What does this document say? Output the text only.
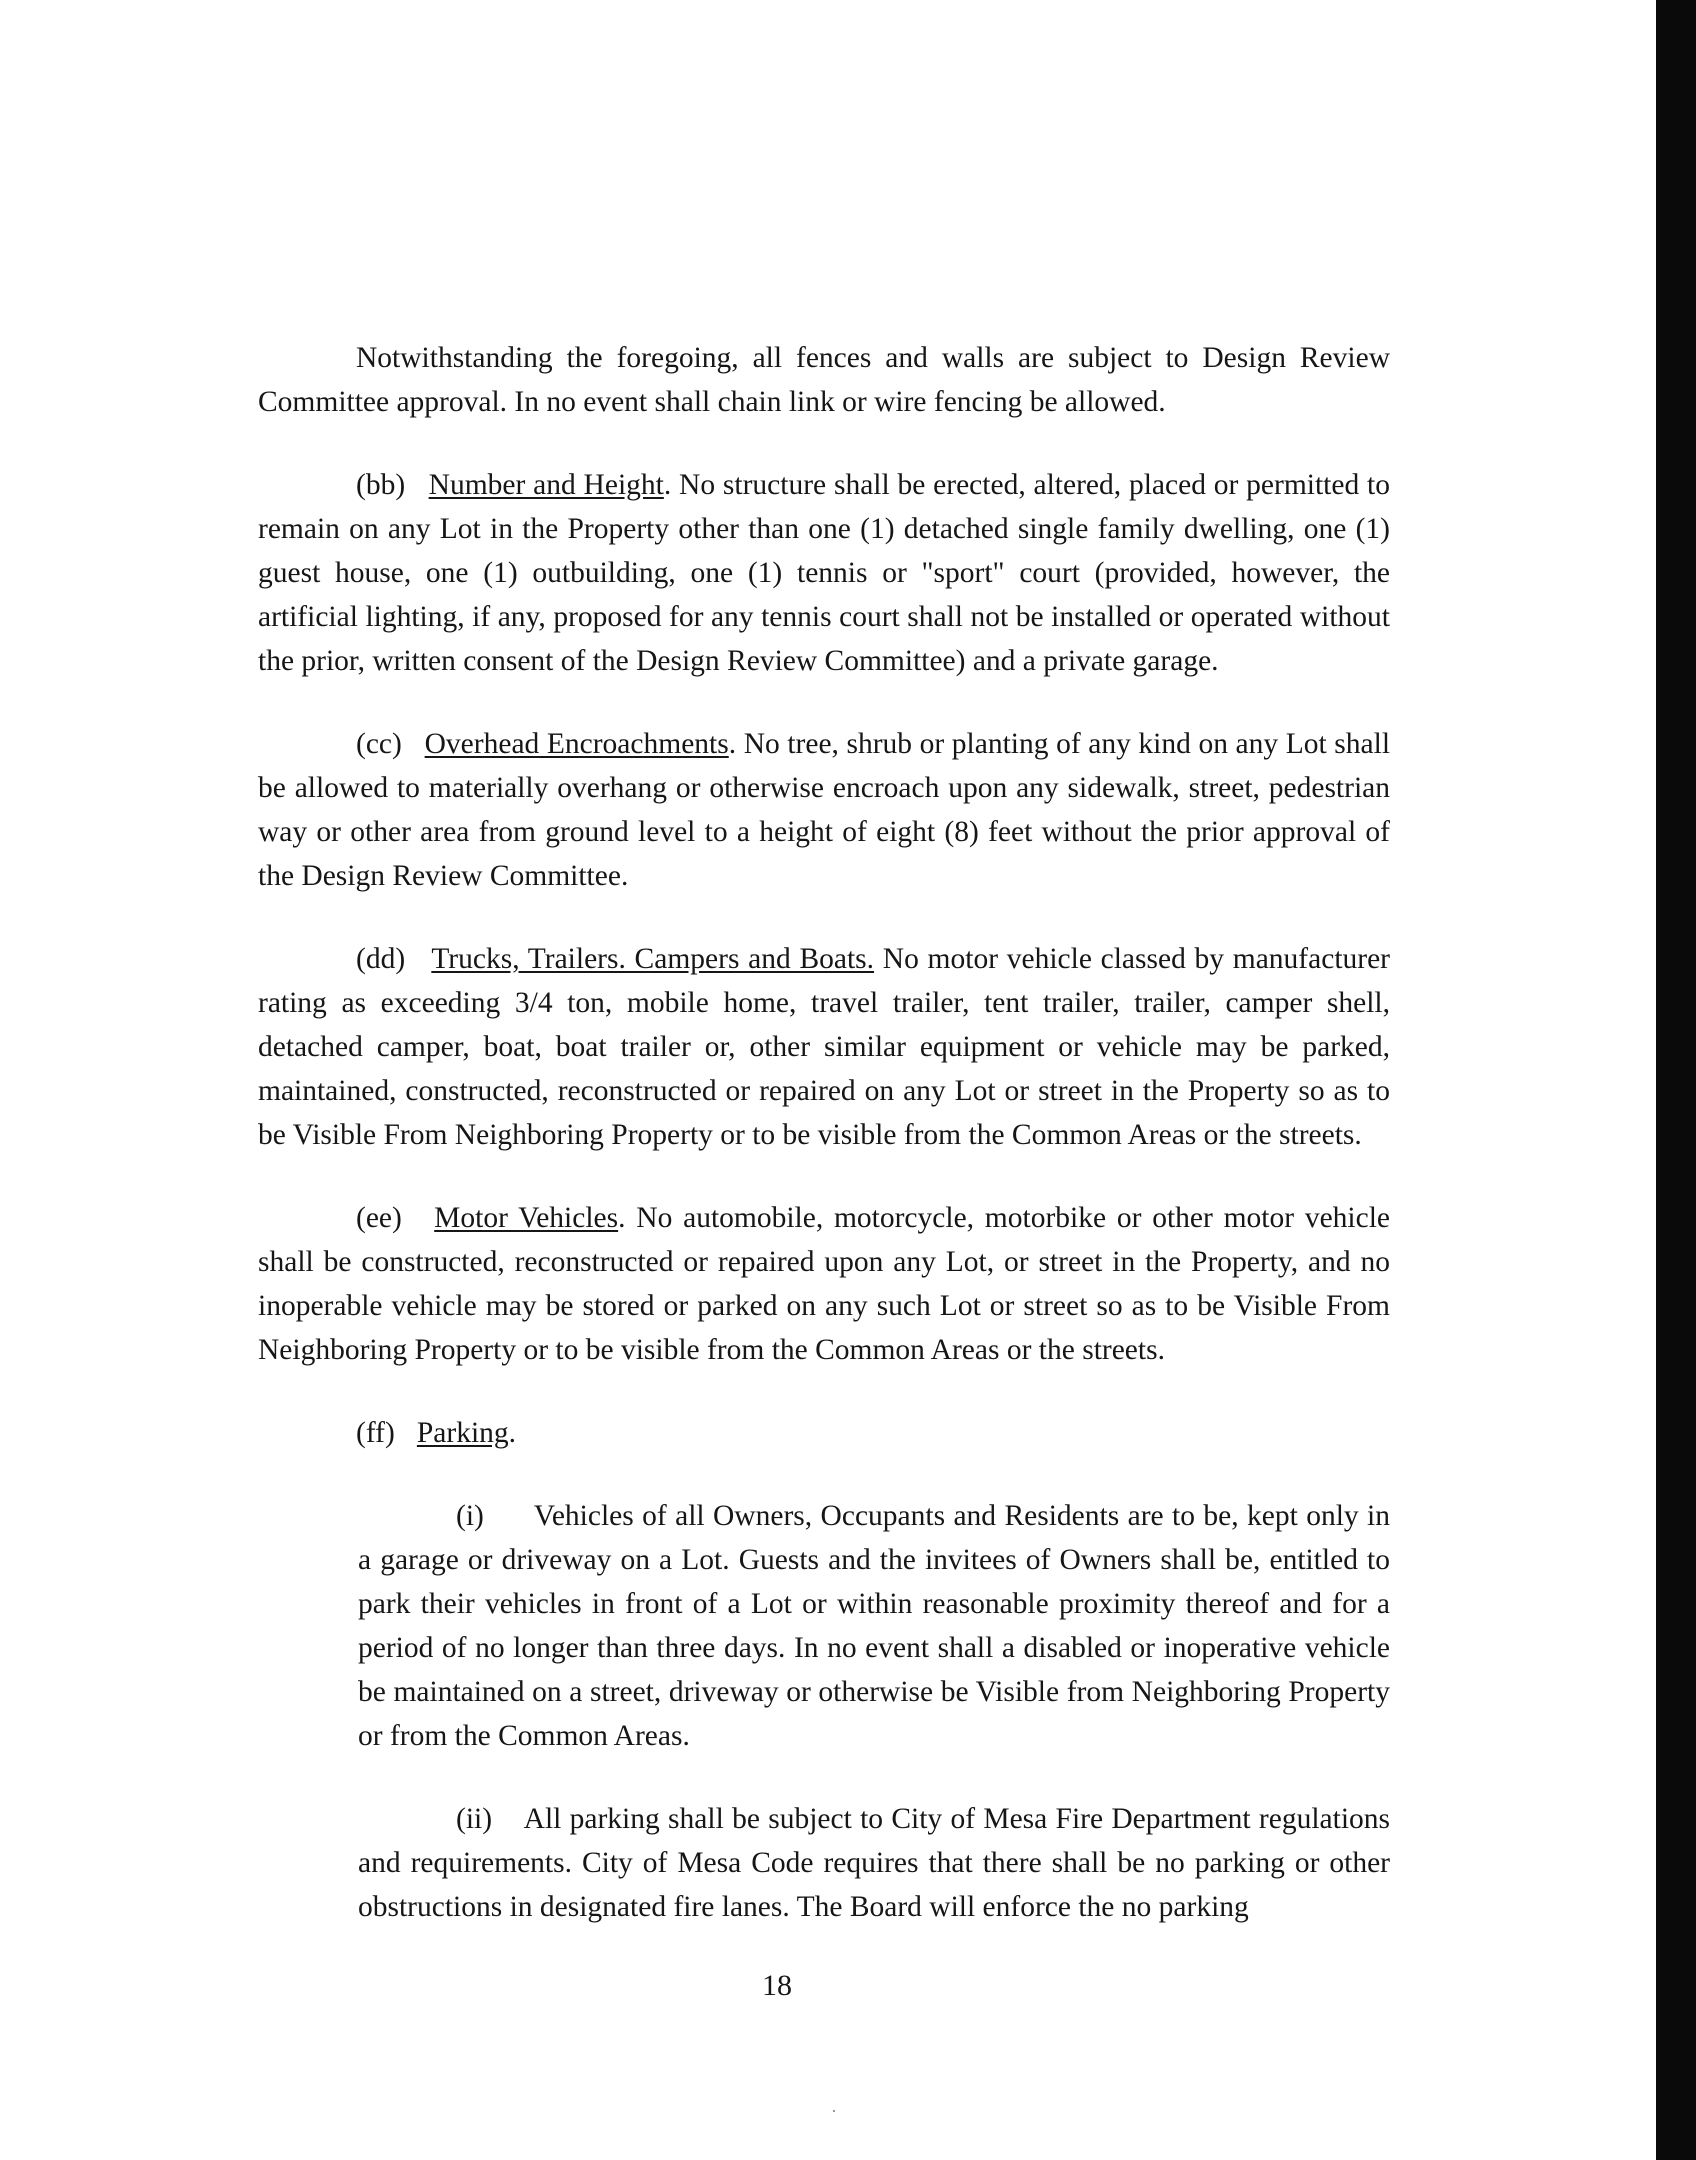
Notwithstanding the foregoing, all fences and walls are subject to Design Review Committee approval. In no event shall chain link or wire fencing be allowed.

(bb) Number and Height. No structure shall be erected, altered, placed or permitted to remain on any Lot in the Property other than one (1) detached single family dwelling, one (1) guest house, one (1) outbuilding, one (1) tennis or "sport" court (provided, however, the artificial lighting, if any, proposed for any tennis court shall not be installed or operated without the prior, written consent of the Design Review Committee) and a private garage.

(cc) Overhead Encroachments. No tree, shrub or planting of any kind on any Lot shall be allowed to materially overhang or otherwise encroach upon any sidewalk, street, pedestrian way or other area from ground level to a height of eight (8) feet without the prior approval of the Design Review Committee.

(dd) Trucks, Trailers. Campers and Boats. No motor vehicle classed by manufacturer rating as exceeding 3/4 ton, mobile home, travel trailer, tent trailer, trailer, camper shell, detached camper, boat, boat trailer or, other similar equipment or vehicle may be parked, maintained, constructed, reconstructed or repaired on any Lot or street in the Property so as to be Visible From Neighboring Property or to be visible from the Common Areas or the streets.

(ee) Motor Vehicles. No automobile, motorcycle, motorbike or other motor vehicle shall be constructed, reconstructed or repaired upon any Lot, or street in the Property, and no inoperable vehicle may be stored or parked on any such Lot or street so as to be Visible From Neighboring Property or to be visible from the Common Areas or the streets.

(ff) Parking.

(i) Vehicles of all Owners, Occupants and Residents are to be, kept only in a garage or driveway on a Lot. Guests and the invitees of Owners shall be, entitled to park their vehicles in front of a Lot or within reasonable proximity thereof and for a period of no longer than three days. In no event shall a disabled or inoperative vehicle be maintained on a street, driveway or otherwise be Visible from Neighboring Property or from the Common Areas.

(ii) All parking shall be subject to City of Mesa Fire Department regulations and requirements. City of Mesa Code requires that there shall be no parking or other obstructions in designated fire lanes. The Board will enforce the no parking

18
